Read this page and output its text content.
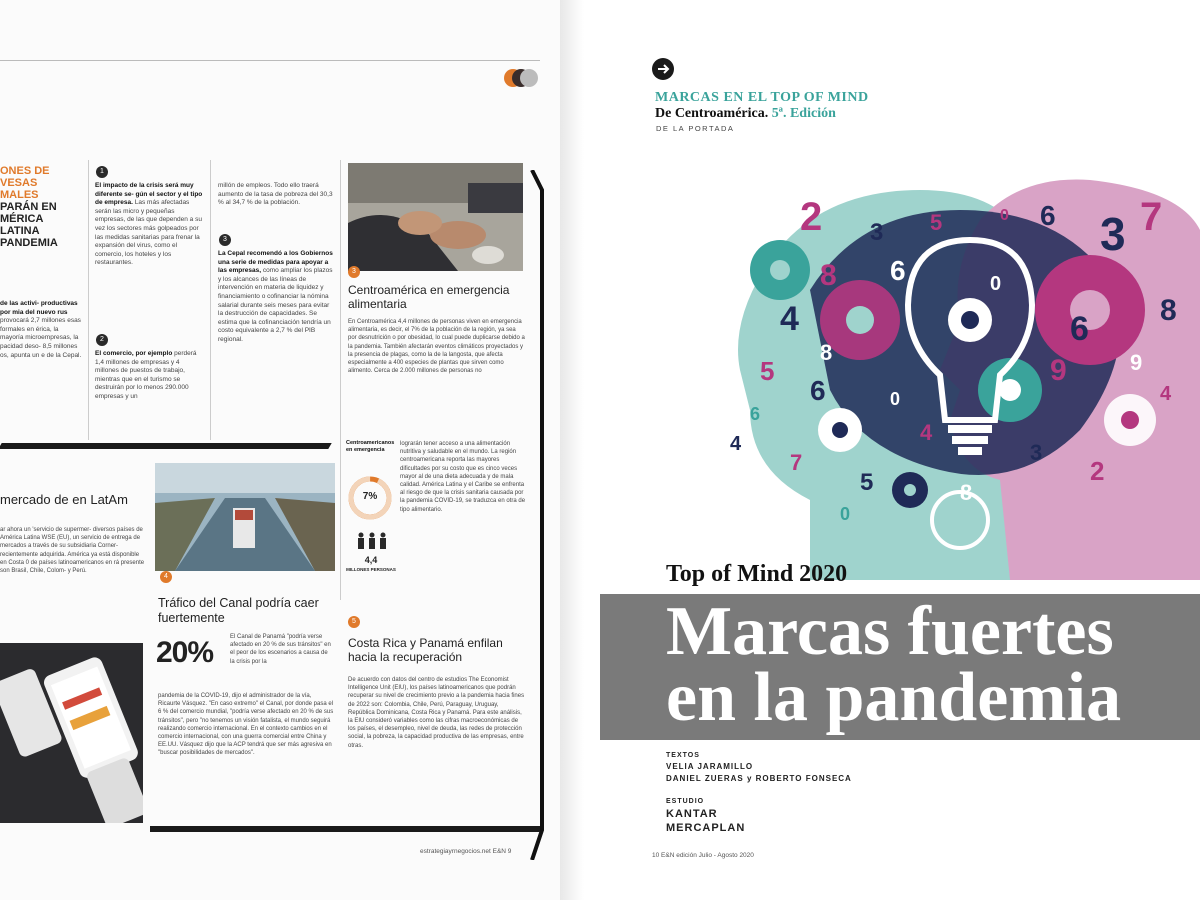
ONES DE
VESAS
MALES
PARÁN EN
MÉRICA LATINA
PANDEMIA
de las activi- productivas por mia del nuevo rus provocará 2,7 millones esas formales en érica, la mayoría microempresas, la pacidad deso- 8,5 millones os, apunta un e de la Cepal.
1
El impacto de la crisis será muy diferente se- gún el sector y el tipo de empresa. Las más afectadas serán las micro y pequeñas empresas, de las que dependen a su vez los sectores más golpeados por las medidas sanitarias para frenar la expansión del virus, como el comercio, los hoteles y los restaurantes.
2
El comercio, por ejemplo perderá 1,4 millones de empresas y 4 millones de puestos de trabajo, mientras que en el turismo se destruirán por lo menos 290.000 empresas y un
millón de empleos. Todo ello traerá aumento de la tasa de pobreza del 30,3 % al 34,7 % de la población.
3
La Cepal recomendó a los Gobiernos una serie de medidas para apoyar a las empresas, como ampliar los plazos y los alcances de las líneas de intervención en materia de liquidez y financiamiento o cofinanciar la nómina salarial durante seis meses para evitar la destrucción de capacidades. Se estima que la cofinanciación tendría un costo equivalente a 2,7 % del PIB regional.
3
Centroamérica en emergencia alimentaria
En Centroamérica 4,4 millones de personas viven en emergencia alimentaria, es decir, el 7% de la población de la región, ya sea por desnutrición o por obesidad, lo cual puede duplicarse debido a la pandemia. También afectarán eventos climáticos proyectados y la presencia de plagas, como la de la langosta, que afecta especialmente a 400 especies de plantas que sirven como alimento. Cerca de 2.000 millones de personas no
Centroamericanos en emergencia
7%
4,4
MILLONES PERSONAS
lograrán tener acceso a una alimentación nutritiva y saludable en el mundo. La región centroamericana reporta las mayores dificultades por su costo que es cinco veces mayor al de una dieta adecuada y de mala calidad. América Latina y el Caribe se enfrenta al riesgo de que la crisis sanitaria causada por la pandemia COVID-19, se traduzca en otra de tipo alimentario.
mercado de en LatAm
ar ahora un 'servicio de supermer- diversos países de América Latina WSE (EU), un servicio de entrega de mercados a través de su subsidiaria Corner- recientemente adquirida. América ya está disponible en Costa 0 de países latinoamericanos en rá presente son Brasil, Chile, Colom- y Perú.
4
Tráfico del Canal podría caer fuertemente
20%	El Canal de Panamá "podría verse afectado en 20 % de sus tránsitos" en el peor de los escenarios a causa de la crisis por la
pandemia de la COVID-19, dijo el administrador de la vía, Ricaurte Vásquez. "En caso extremo" el Canal, por donde pasa el 6 % del comercio mundial, "podría verse afectado en 20 % de sus tránsitos", pero "no tenemos un visión fatalista, el mundo seguirá realizando comercio internacional. En el contexto cambios en el comercio internacional, con una guerra comercial entre China y EE.UU. Vásquez dijo que la ACP tendrá que ser más agresiva en "buscar posibilidades de mercados".
5
Costa Rica y Panamá enfilan hacia la recuperación
De acuerdo con datos del centro de estudios The Economist Intelligence Unit (EIU), los países latinoamericanos que podrán recuperar su nivel de crecimiento previo a la pandemia hacia fines de 2022 son: Colombia, Chile, Perú, Paraguay, Uruguay, República Dominicana, Costa Rica y Panamá. Para este análisis, la EIU consideró variables como las cifras macroeconómicas de los países, el desempleo, nivel de deuda, las redes de protección social, la pobreza, la capacidad productiva de las empresas, entre otras.
estrategiayrnegocios.net E&N 9
MARCAS EN EL TOP OF MIND
De Centroamérica. 5ª. Edición
DE LA PORTADA
2	3
6
0	7
4
8
3
5
6	0
9
4
6
2
8
5
6
0
3
4
9
0
7
5
8
6
4
8
Top of Mind 2020
Marcas fuertes
en la pandemia
TEXTOS
VELIA JARAMILLO
DANIEL ZUERAS y ROBERTO FONSECA
ESTUDIO
KANTAR
MERCAPLAN
10 E&N edición Julio - Agosto 2020
